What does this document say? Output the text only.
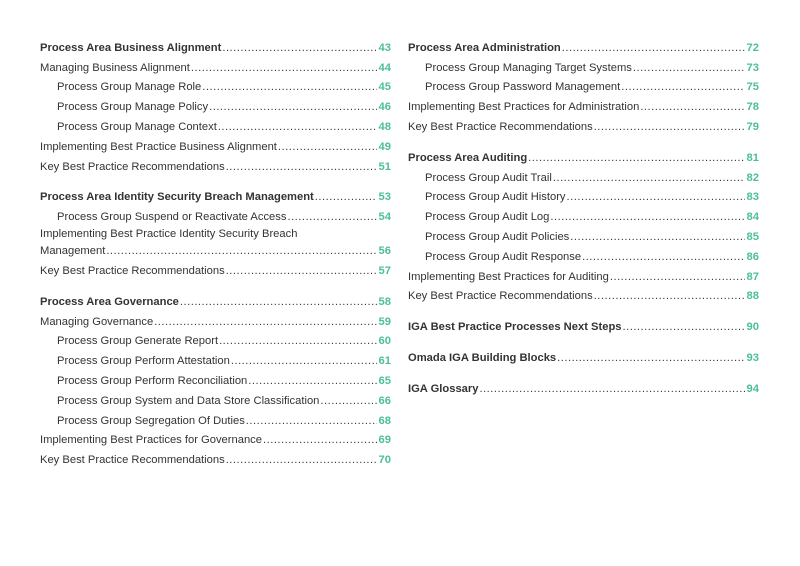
Process Area Business Alignment .....	43
Managing Business Alignment .....	44
Process Group Manage Role .....	45
Process Group Manage Policy .....	46
Process Group Manage Context .....	48
Implementing Best Practice Business Alignment .....	49
Key Best Practice Recommendations .....	51
Process Area Identity Security Breach Management .....	53
Process Group Suspend or Reactivate Access .....	54
Implementing Best Practice Identity Security Breach
Management .....	56
Key Best Practice Recommendations .....	57
Process Area Governance .....	58
Managing Governance .....	59
Process Group Generate Report .....	60
Process Group Perform Attestation .....	61
Process Group Perform Reconciliation .....	65
Process Group System and Data Store Classification .....	66
Process Group Segregation Of Duties .....	68
Implementing Best Practices for Governance .....	69
Key Best Practice Recommendations .....	70
Process Area Administration .....	72
Process Group Managing Target Systems .....	73
Process Group Password Management .....	75
Implementing Best Practices for Administration .....	78
Key Best Practice Recommendations .....	79
Process Area Auditing .....	81
Process Group Audit Trail .....	82
Process Group Audit History .....	83
Process Group Audit Log .....	84
Process Group Audit Policies .....	85
Process Group Audit Response .....	86
Implementing Best Practices for Auditing .....	87
Key Best Practice Recommendations .....	88
IGA Best Practice Processes Next Steps .....	90
Omada IGA Building Blocks .....	93
IGA Glossary .....	94
